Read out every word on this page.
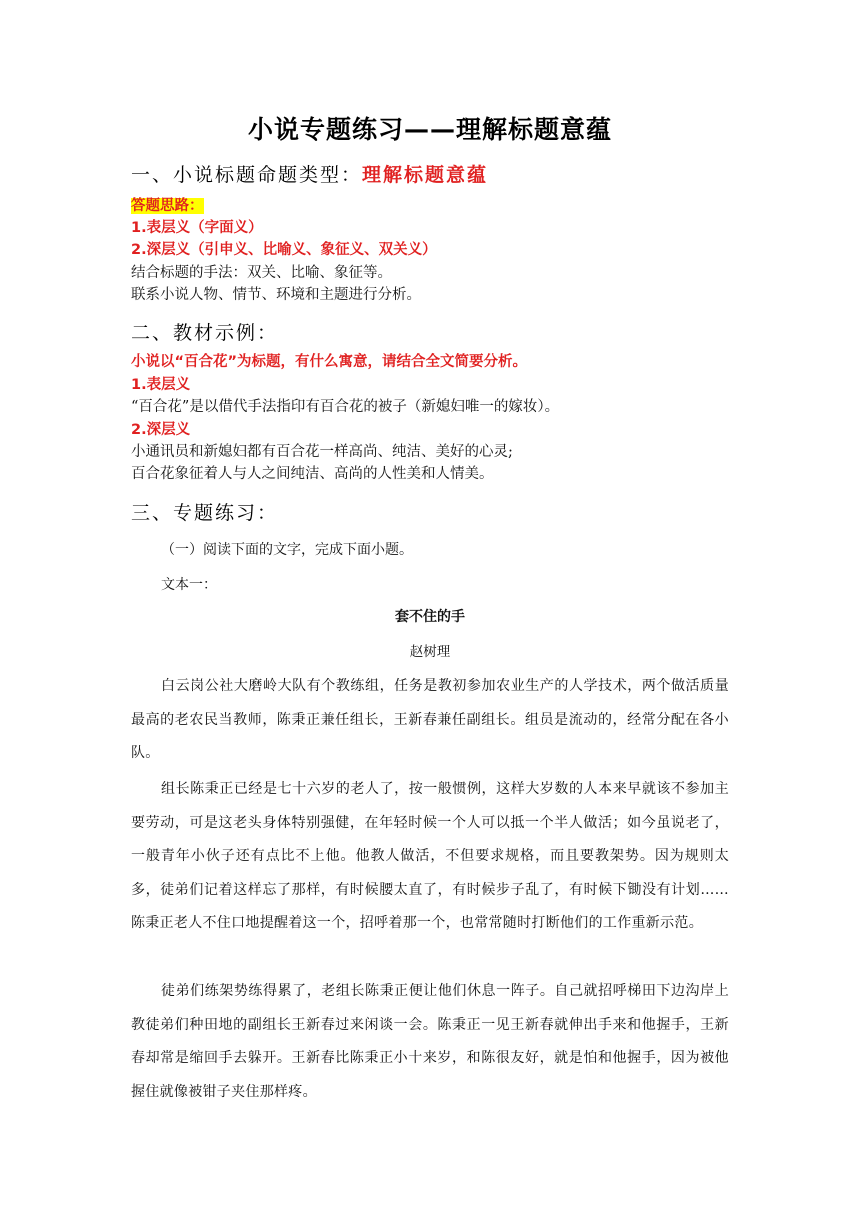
小说专题练习——理解标题意蕴
一、小说标题命题类型：理解标题意蕴
答题思路：
1.表层义（字面义）
2.深层义（引申义、比喻义、象征义、双关义）
结合标题的手法：双关、比喻、象征等。
联系小说人物、情节、环境和主题进行分析。
二、教材示例：
小说以“百合花”为标题，有什么寓意，请结合全文简要分析。
1.表层义
“百合花”是以借代手法指印有百合花的被子（新媳妇唯一的嫁妆）。
2.深层义
小通讯员和新媳妇都有百合花一样高尚、纯洁、美好的心灵;
百合花象征着人与人之间纯洁、高尚的人性美和人情美。
三、专题练习：
（一）阅读下面的文字，完成下面小题。
文本一：
套不住的手
赵树理
白云岗公社大磨岭大队有个教练组，任务是教初参加农业生产的人学技术，两个做活质量最高的老农民当教师，陈秉正兼任组长，王新春兼任副组长。组员是流动的，经常分配在各小队。
组长陈秉正已经是七十六岁的老人了，按一般惯例，这样大岁数的人本来早就该不参加主要劳动，可是这老头身体特别强健，在年轻时候一个人可以抵一个半人做活；如今虽说老了，一般青年小伙子还有点比不上他。他教人做活，不但要求规格，而且要教架势。因为规则太多，徒弟们记着这样忘了那样，有时候腰太直了，有时候步子乱了，有时候下锄没有计划……陈秉正老人不住口地提醒着这一个，招呼着那一个，也常常随时打断他们的工作重新示范。
徒弟们练架势练得累了，老组长陈秉正便让他们休息一阵子。自己就招呼梯田下边沟岸上教徒弟们种田地的副组长王新春过来闲谈一会。陈秉正一见王新春就伸出手来和他握手，王新春却常是缩回手去躲开。王新春比陈秉正小十来岁，和陈很友好，就是怕和他握手，因为被他握住就像被钳子夹住那样疼。
